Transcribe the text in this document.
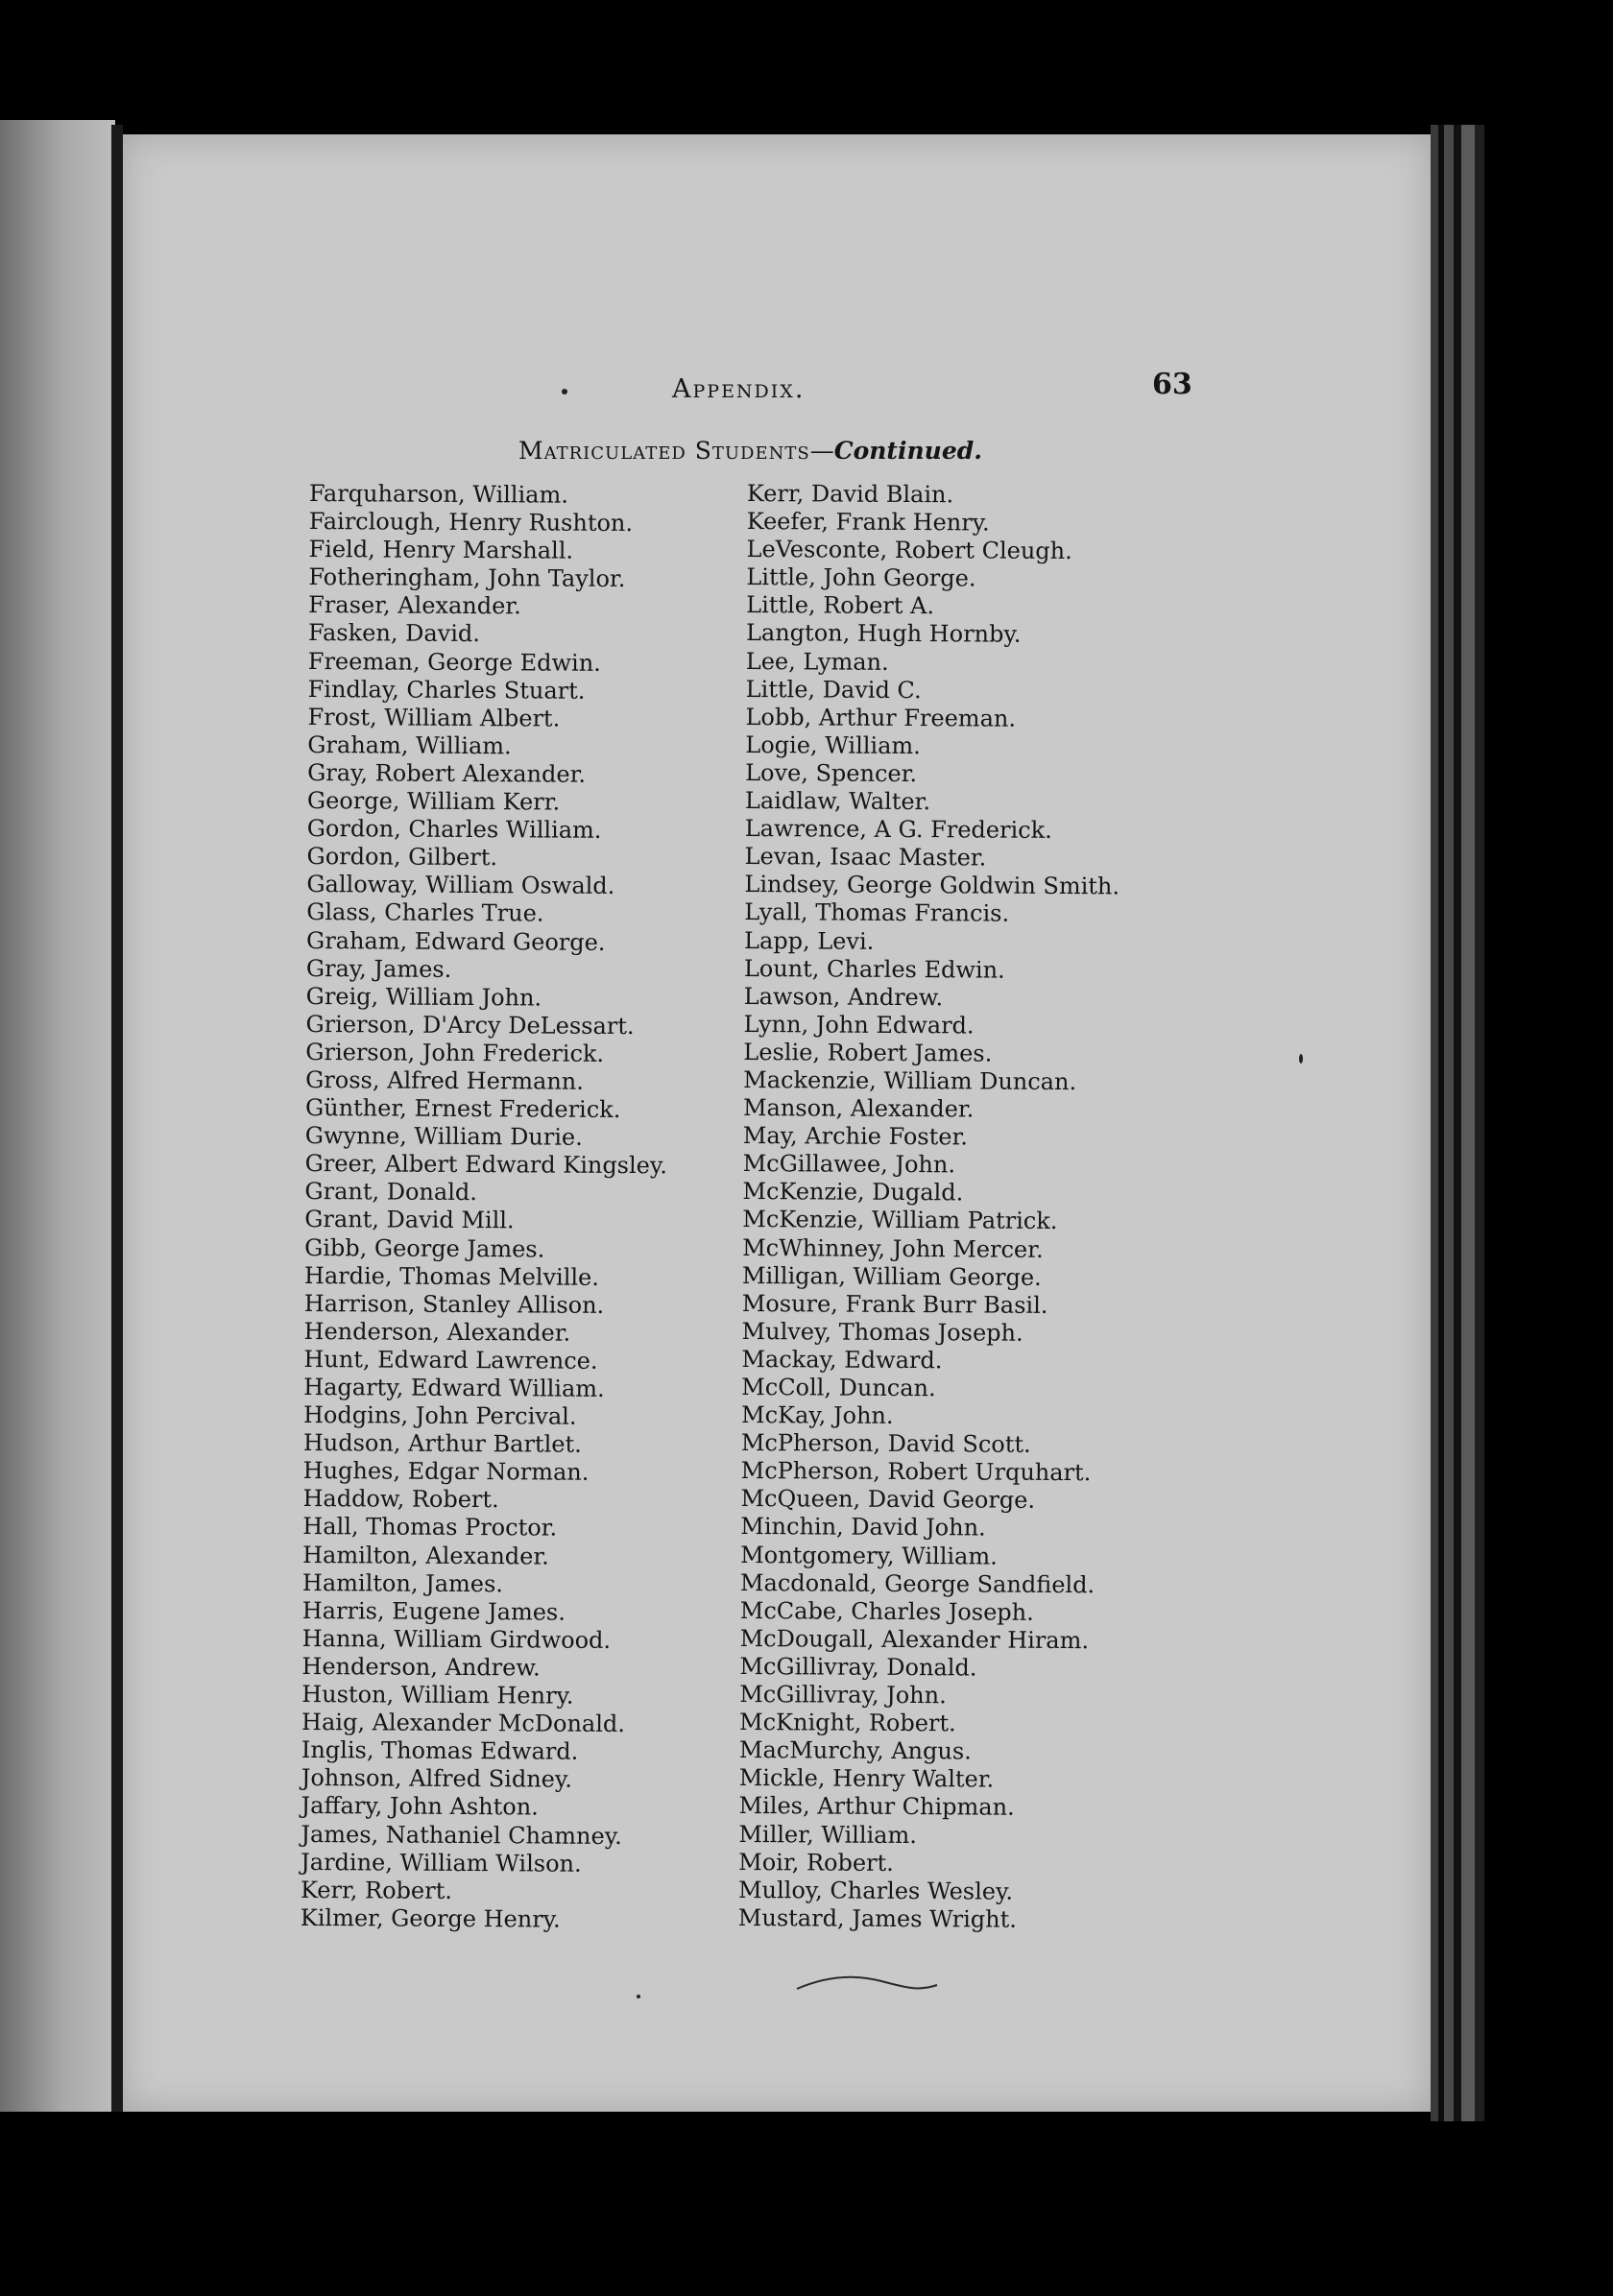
Appendix.	63
Matriculated Students—Continued.
Farquharson, William.
Fairclough, Henry Rushton.
Field, Henry Marshall.
Fotheringham, John Taylor.
Fraser, Alexander.
Fasken, David.
Freeman, George Edwin.
Findlay, Charles Stuart.
Frost, William Albert.
Graham, William.
Gray, Robert Alexander.
George, William Kerr.
Gordon, Charles William.
Gordon, Gilbert.
Galloway, William Oswald.
Glass, Charles True.
Graham, Edward George.
Gray, James.
Greig, William John.
Grierson, D'Arcy DeLessart.
Grierson, John Frederick.
Gross, Alfred Hermann.
Günther, Ernest Frederick.
Gwynne, William Durie.
Greer, Albert Edward Kingsley.
Grant, Donald.
Grant, David Mill.
Gibb, George James.
Hardie, Thomas Melville.
Harrison, Stanley Allison.
Henderson, Alexander.
Hunt, Edward Lawrence.
Hagarty, Edward William.
Hodgins, John Percival.
Hudson, Arthur Bartlet.
Hughes, Edgar Norman.
Haddow, Robert.
Hall, Thomas Proctor.
Hamilton, Alexander.
Hamilton, James.
Harris, Eugene James.
Hanna, William Girdwood.
Henderson, Andrew.
Huston, William Henry.
Haig, Alexander McDonald.
Inglis, Thomas Edward.
Johnson, Alfred Sidney.
Jaffary, John Ashton.
James, Nathaniel Chamney.
Jardine, William Wilson.
Kerr, Robert.
Kilmer, George Henry.
Kerr, David Blain.
Keefer, Frank Henry.
LeVesconte, Robert Cleugh.
Little, John George.
Little, Robert A.
Langton, Hugh Hornby.
Lee, Lyman.
Little, David C.
Lobb, Arthur Freeman.
Logie, William.
Love, Spencer.
Laidlaw, Walter.
Lawrence, A G. Frederick.
Levan, Isaac Master.
Lindsey, George Goldwin Smith.
Lyall, Thomas Francis.
Lapp, Levi.
Lount, Charles Edwin.
Lawson, Andrew.
Lynn, John Edward.
Leslie, Robert James.
Mackenzie, William Duncan.
Manson, Alexander.
May, Archie Foster.
McGillawee, John.
McKenzie, Dugald.
McKenzie, William Patrick.
McWhinney, John Mercer.
Milligan, William George.
Mosure, Frank Burr Basil.
Mulvey, Thomas Joseph.
Mackay, Edward.
McColl, Duncan.
McKay, John.
McPherson, David Scott.
McPherson, Robert Urquhart.
McQueen, David George.
Minchin, David John.
Montgomery, William.
Macdonald, George Sandfield.
McCabe, Charles Joseph.
McDougall, Alexander Hiram.
McGillivray, Donald.
McGillivray, John.
McKnight, Robert.
MacMurchy, Angus.
Mickle, Henry Walter.
Miles, Arthur Chipman.
Miller, William.
Moir, Robert.
Mulloy, Charles Wesley.
Mustard, James Wright.
